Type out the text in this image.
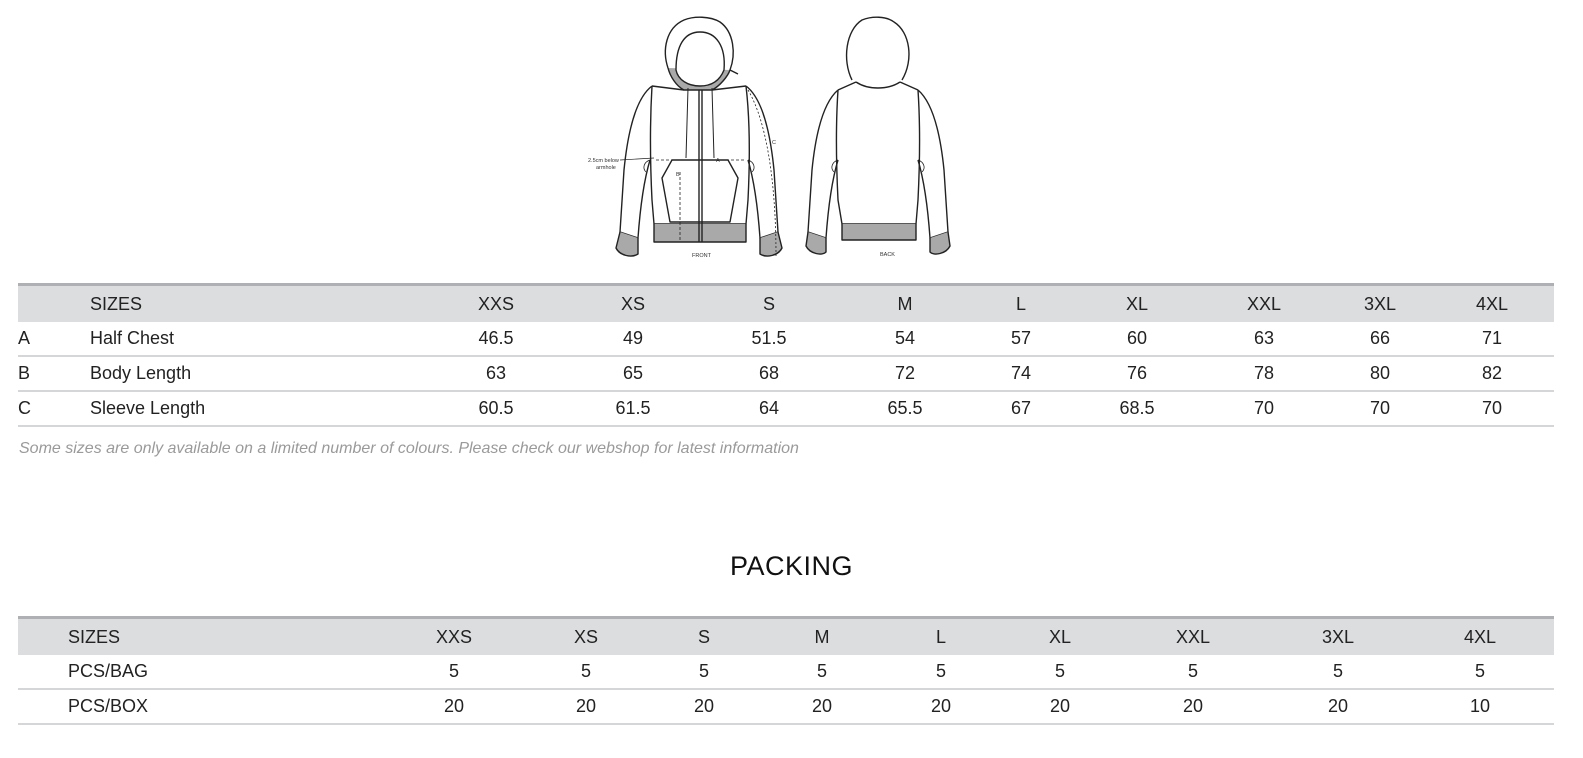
FRONT	BACK
A
B
C
2.5cm below
armhole
	SIZES	XXS	XS	S	M	L	XL	XXL	3XL	4XL
A	Half Chest	46.5	49	51.5	54	57	60	63	66	71
B	Body Length	63	65	68	72	74	76	78	80	82
C	Sleeve Length	60.5	61.5	64	65.5	67	68.5	70	70	70
Some sizes are only available on a limited number of colours. Please check our webshop for latest information
PACKING
	SIZES	XXS	XS	S	M	L	XL	XXL	3XL	4XL
	PCS/BAG	5	5	5	5	5	5	5	5	5
	PCS/BOX	20	20	20	20	20	20	20	20	10
